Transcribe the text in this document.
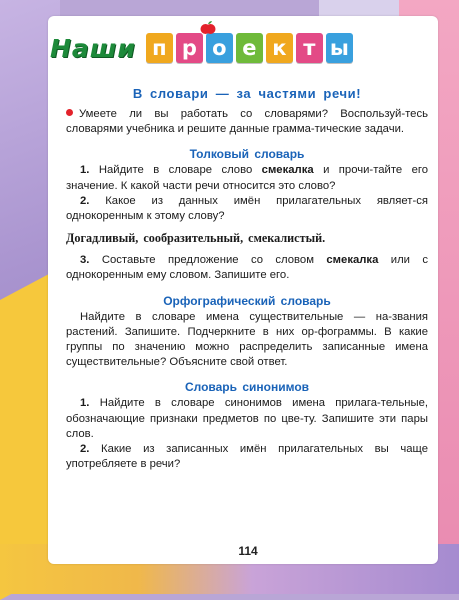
Наши п р о е к т ы
В словари — за частями речи!

Умеете ли вы работать со словарями? Воспользуй-тесь словарями учебника и решите данные грамма-тические задачи.

Толковый словарь

1. Найдите в словаре слово смекалка и прочи-тайте его значение. К какой части речи относится это слово?

2. Какое из данных имён прилагательных являет-ся однокоренным к этому слову?

Догадливый, сообразительный, смекалистый.

3. Составьте предложение со словом смекалка или с однокоренным ему словом. Запишите его.

Орфографический словарь

Найдите в словаре имена существительные — на-звания растений. Запишите. Подчеркните в них ор-фограммы. В какие группы по значению можно распределить записанные имена существительные? Объясните свой ответ.

Словарь синонимов

1. Найдите в словаре синонимов имена прилага-тельные, обозначающие признаки предметов по цве-ту. Запишите эти пары слов.

2. Какие из записанных имён прилагательных вы чаще употребляете в речи?

114
